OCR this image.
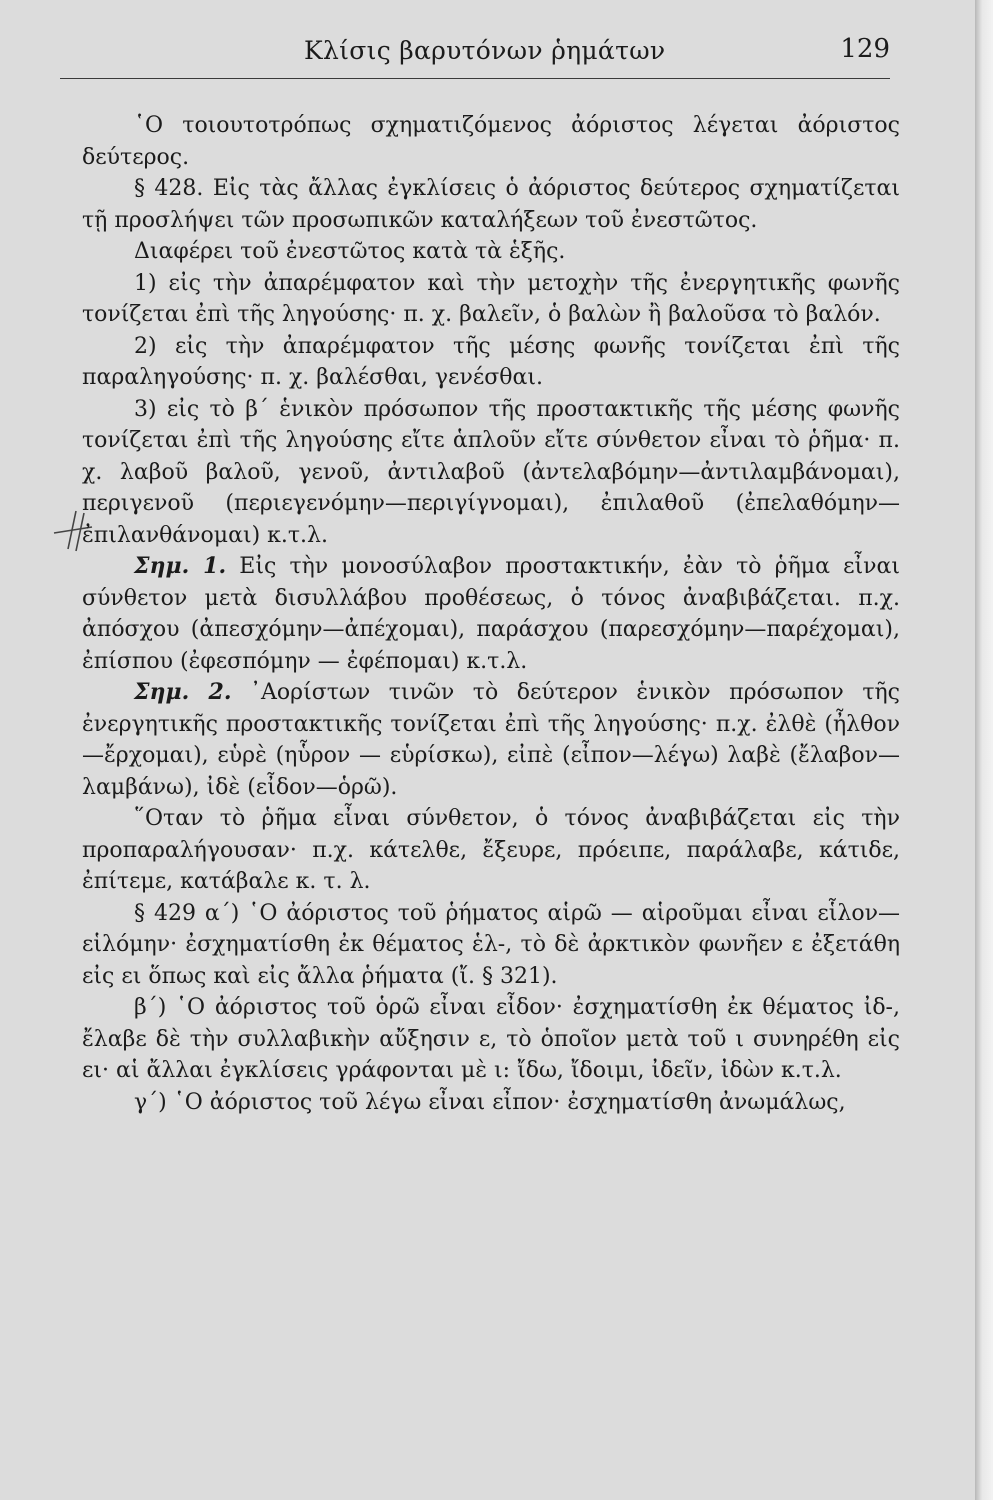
Κλίσις βαρυτόνων ῥημάτων	129

῾Ο τοιουτοτρόπως σχηματιζόμενος ἀόριστος λέγεται ἀόριστος δεύτερος.

§ 428. Εἰς τὰς ἄλλας ἐγκλίσεις ὁ ἀόριστος δεύτερος σχηματίζεται τῇ προσλήψει τῶν προσωπικῶν καταλήξεων τοῦ ἐνεστῶτος.

Διαφέρει τοῦ ἐνεστῶτος κατὰ τὰ ἑξῆς.

1) εἰς τὴν ἀπαρέμφατον καὶ τὴν μετοχὴν τῆς ἐνεργητικῆς φωνῆς τονίζεται ἐπὶ τῆς ληγούσης· π. χ. βαλεῖν, ὁ βαλὼν ἢ βαλοῦσα τὸ βαλόν.

2) εἰς τὴν ἀπαρέμφατον τῆς μέσης φωνῆς τονίζεται ἐπὶ τῆς παραληγούσης· π. χ. βαλέσθαι, γενέσθαι.

3) εἰς τὸ β΄ ἑνικὸν πρόσωπον τῆς προστακτικῆς τῆς μέσης φωνῆς τονίζεται ἐπὶ τῆς ληγούσης εἴτε ἁπλοῦν εἴτε σύνθετον εἶναι τὸ ῥῆμα· π. χ. λαβοῦ βαλοῦ, γενοῦ, ἀντιλαβοῦ (ἀντελαβόμην—ἀντιλαμβάνομαι), περιγενοῦ (περιεγενόμην—περιγίγνομαι), ἐπιλαθοῦ (ἐπελαθόμην—ἐπιλανθάνομαι) κ.τ.λ.

Σημ. 1. Εἰς τὴν μονοσύλαβον προστακτικήν, ἐὰν τὸ ῥῆμα εἶναι σύνθετον μετὰ δισυλλάβου προθέσεως, ὁ τόνος ἀναβιβάζεται. π.χ. ἀπόσχου (ἀπεσχόμην—ἀπέχομαι), παράσχου (παρεσχόμην—παρέχομαι), ἐπίσπου (ἐφεσπόμην — ἐφέπομαι) κ.τ.λ.

Σημ. 2. ᾿Αορίστων τινῶν τὸ δεύτερον ἑνικὸν πρόσωπον τῆς ἐνεργητικῆς προστακτικῆς τονίζεται ἐπὶ τῆς ληγούσης· π.χ. ἐλθὲ (ἦλθον—ἔρχομαι), εὑρὲ (ηὗρον — εὑρίσκω), εἰπὲ (εἶπον—λέγω) λαβὲ (ἔλαβον—λαμβάνω), ἰδὲ (εἶδον—ὁρῶ).

῞Οταν τὸ ῥῆμα εἶναι σύνθετον, ὁ τόνος ἀναβιβάζεται εἰς τὴν προπαραλήγουσαν· π.χ. κάτελθε, ἔξευρε, πρόειπε, παράλαβε, κάτιδε, ἐπίτεμε, κατάβαλε κ. τ. λ.

§ 429 α΄) ῾Ο ἀόριστος τοῦ ῥήματος αἱρῶ — αἱροῦμαι εἶναι εἷλον—εἱλόμην· ἐσχηματίσθη ἐκ θέματος ἑλ-, τὸ δὲ ἀρκτικὸν φωνῆεν ε ἐξετάθη εἰς ει ὅπως καὶ εἰς ἄλλα ῥήματα (ἴ. § 321).

β΄) ῾Ο ἀόριστος τοῦ ὁρῶ εἶναι εἶδον· ἐσχηματίσθη ἐκ θέματος ἰδ-, ἔλαβε δὲ τὴν συλλαβικὴν αὔξησιν ε, τὸ ὁποῖον μετὰ τοῦ ι συνηρέθη εἰς ει· αἱ ἄλλαι ἐγκλίσεις γράφονται μὲ ι: ἴδω, ἴδοιμι, ἰδεῖν, ἰδὼν κ.τ.λ.

γ΄) ῾Ο ἀόριστος τοῦ λέγω εἶναι εἶπον· ἐσχηματίσθη ἀνωμάλως,
